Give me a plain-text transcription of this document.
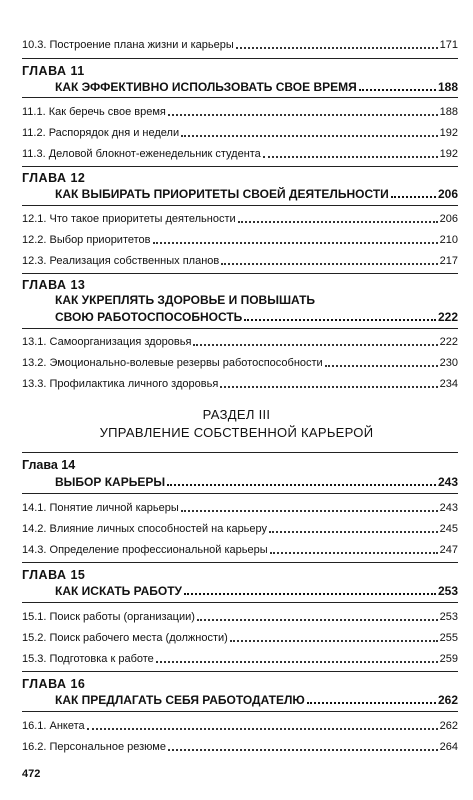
10.3. Построение плана жизни и карьеры	171
ГЛАВА 11
КАК ЭФФЕКТИВНО ИСПОЛЬЗОВАТЬ СВОЕ ВРЕМЯ	188
11.1. Как беречь свое время	188
11.2. Распорядок дня и недели	192
11.3. Деловой блокнот-еженедельник студента	192
ГЛАВА 12
КАК ВЫБИРАТЬ ПРИОРИТЕТЫ СВОЕЙ ДЕЯТЕЛЬНОСТИ	206
12.1. Что такое приоритеты деятельности	206
12.2. Выбор приоритетов	210
12.3. Реализация собственных планов	217
ГЛАВА 13
КАК УКРЕПЛЯТЬ ЗДОРОВЬЕ И ПОВЫШАТЬ
СВОЮ РАБОТОСПОСОБНОСТЬ	222
13.1. Самоорганизация здоровья	222
13.2. Эмоционально-волевые резервы работоспособности	230
13.3. Профилактика личного здоровья	234
РАЗДЕЛ III
УПРАВЛЕНИЕ СОБСТВЕННОЙ КАРЬЕРОЙ
Глава 14
ВЫБОР КАРЬЕРЫ	243
14.1. Понятие личной карьеры	243
14.2. Влияние личных способностей на карьеру	245
14.3. Определение профессиональной карьеры	247
ГЛАВА 15
КАК ИСКАТЬ РАБОТУ	253
15.1. Поиск работы (организации)	253
15.2. Поиск рабочего места (должности)	255
15.3. Подготовка к работе	259
ГЛАВА 16
КАК ПРЕДЛАГАТЬ СЕБЯ РАБОТОДАТЕЛЮ	262
16.1. Анкета	262
16.2. Персональное резюме	264
472
